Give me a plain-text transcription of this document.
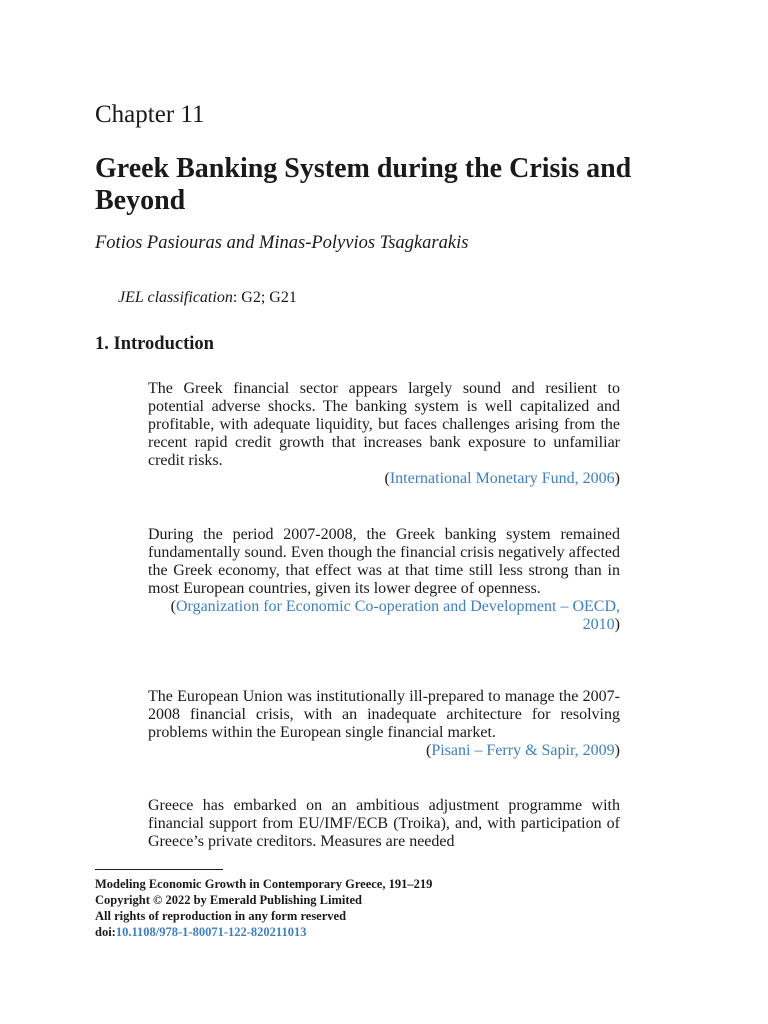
Chapter 11
Greek Banking System during the Crisis and Beyond

Fotios Pasiouras and Minas-Polyvios Tsagkarakis

JEL classification: G2; G21

1. Introduction

The Greek financial sector appears largely sound and resilient to potential adverse shocks. The banking system is well capitalized and profitable, with adequate liquidity, but faces challenges arising from the recent rapid credit growth that increases bank exposure to unfamiliar credit risks.

(International Monetary Fund, 2006)

During the period 2007-2008, the Greek banking system remained fundamentally sound. Even though the financial crisis negatively affected the Greek economy, that effect was at that time still less strong than in most European countries, given its lower degree of openness.

(Organization for Economic Co-operation and Development – OECD, 2010)

The European Union was institutionally ill-prepared to manage the 2007-2008 financial crisis, with an inadequate architecture for resolving problems within the European single financial market.

(Pisani – Ferry & Sapir, 2009)

Greece has embarked on an ambitious adjustment programme with financial support from EU/IMF/ECB (Troika), and, with participation of Greece’s private creditors. Measures are needed

Modeling Economic Growth in Contemporary Greece, 191–219
Copyright © 2022 by Emerald Publishing Limited
All rights of reproduction in any form reserved
doi:10.1108/978-1-80071-122-820211013
